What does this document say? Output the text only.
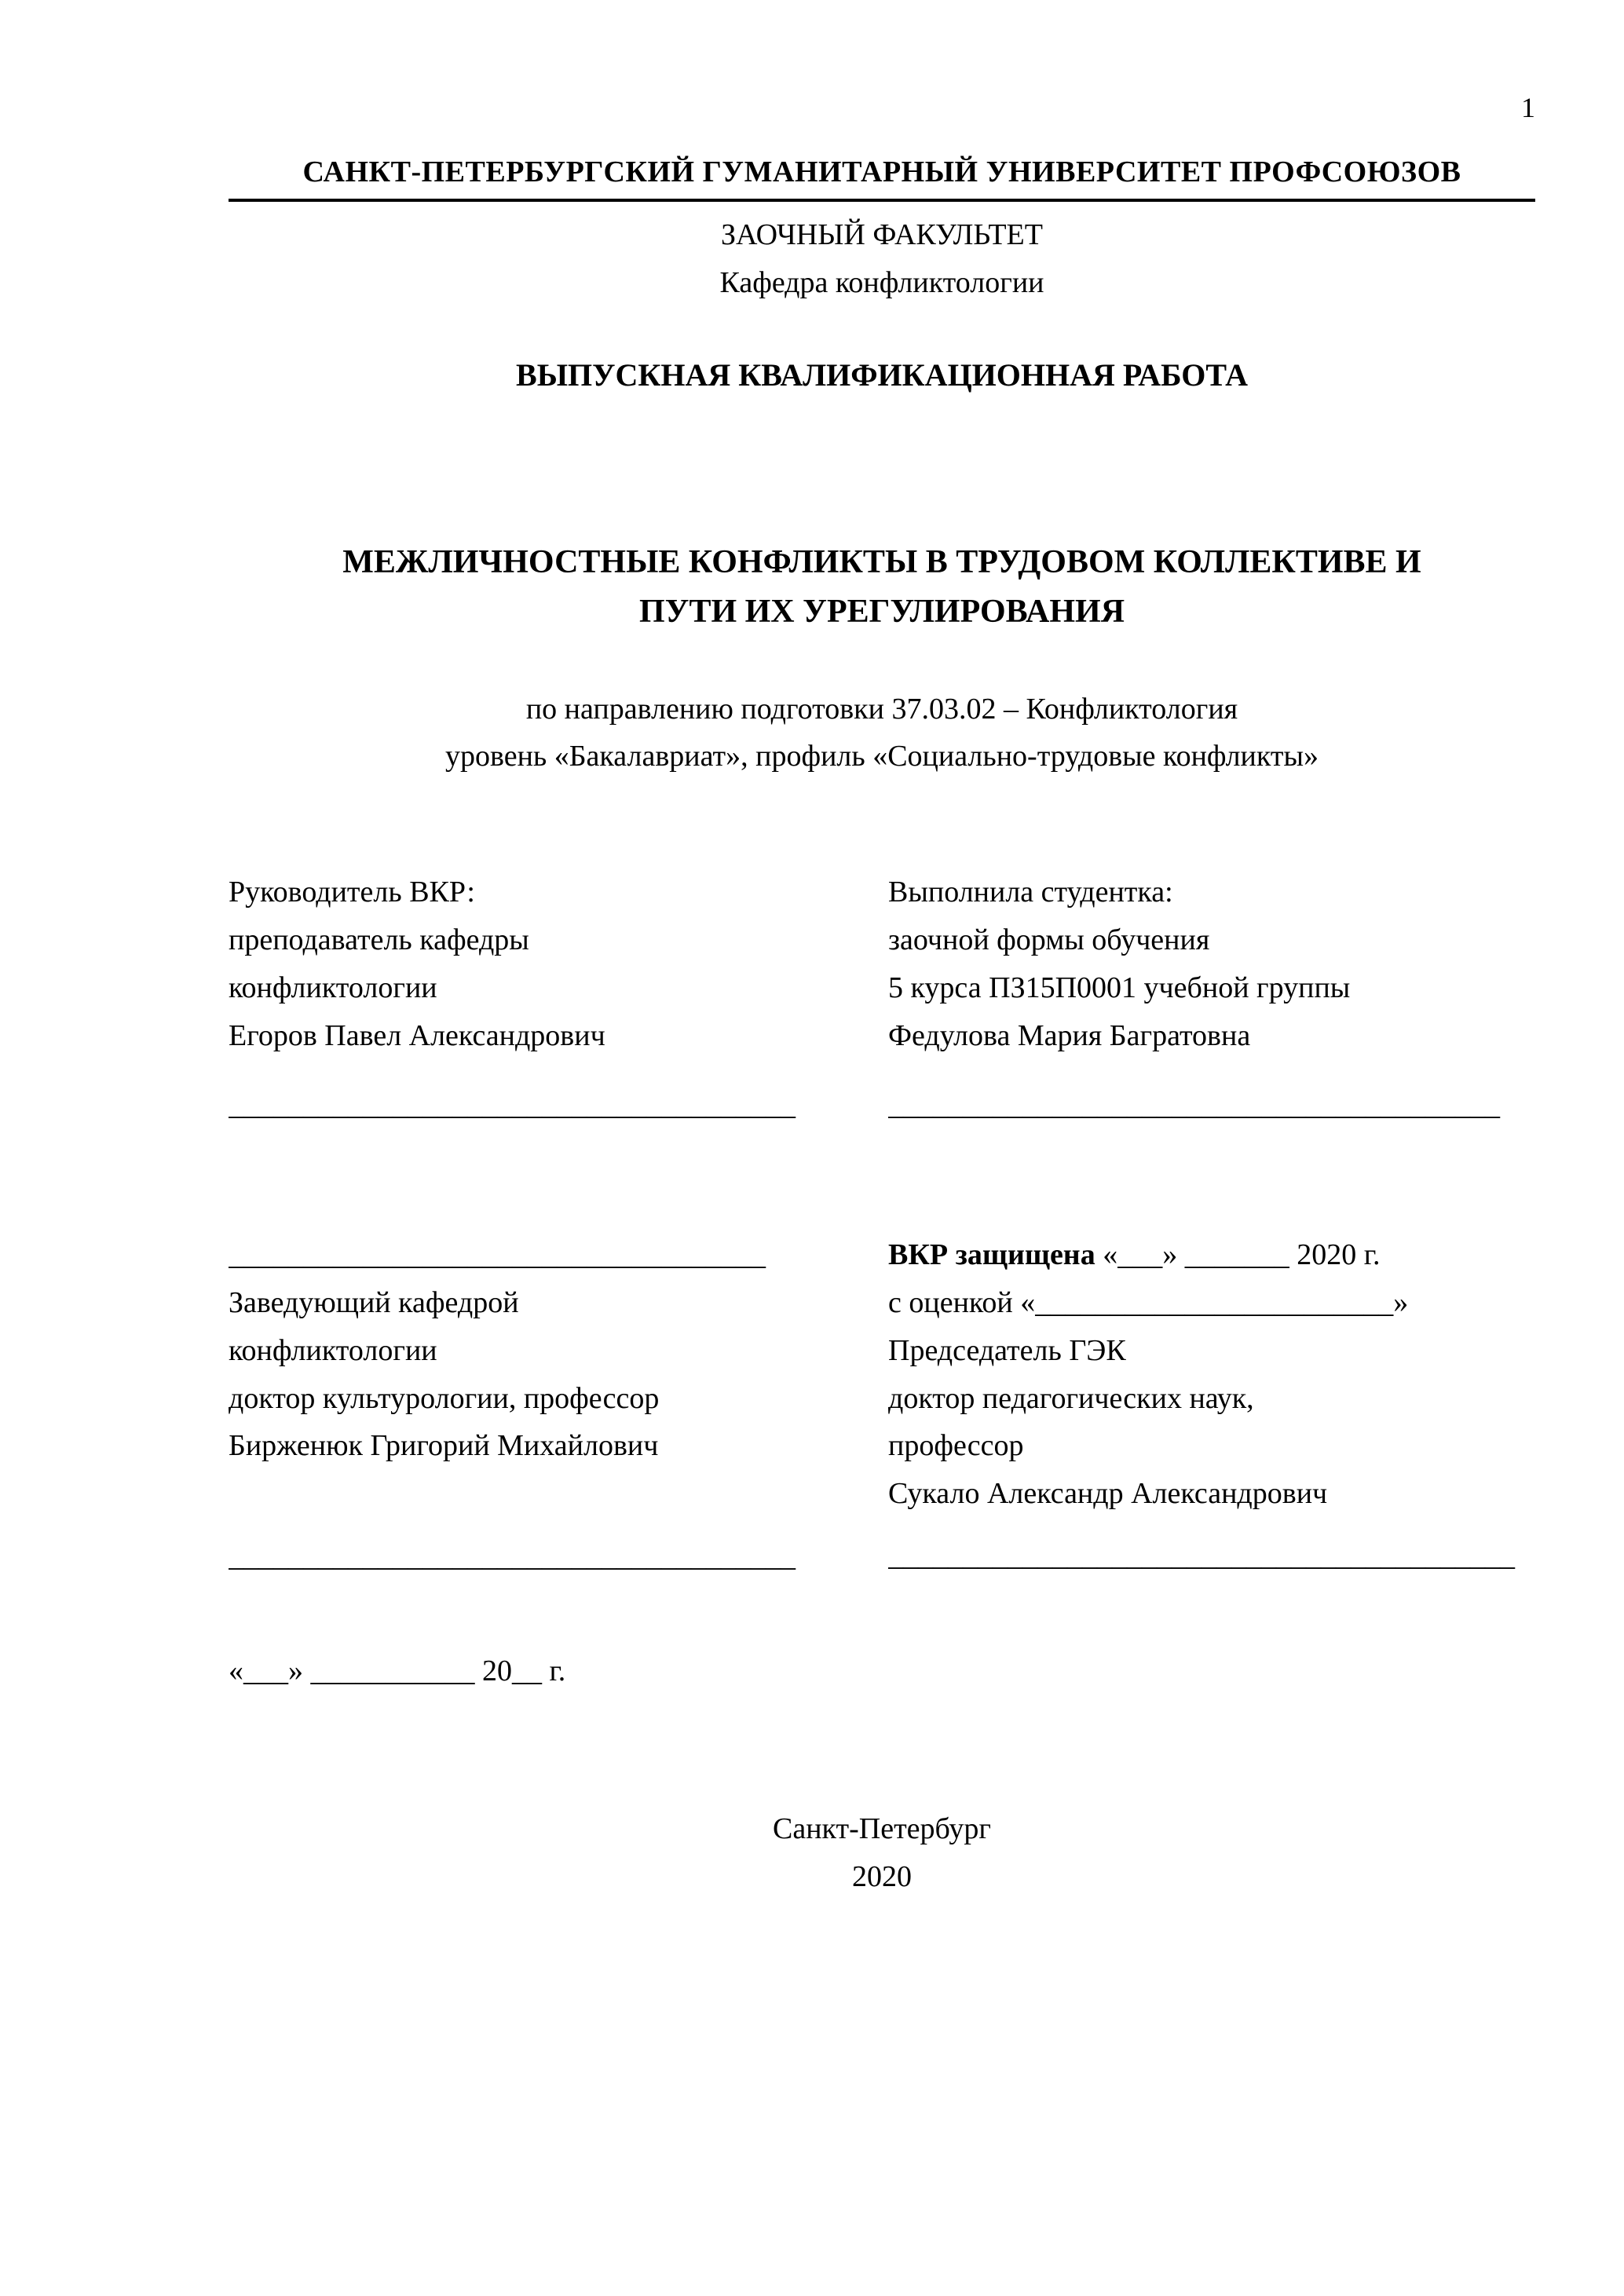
1
САНКТ-ПЕТЕРБУРГСКИЙ ГУМАНИТАРНЫЙ УНИВЕРСИТЕТ ПРОФСОЮЗОВ
ЗАОЧНЫЙ ФАКУЛЬТЕТ
Кафедра конфликтологии
ВЫПУСКНАЯ КВАЛИФИКАЦИОННАЯ РАБОТА
МЕЖЛИЧНОСТНЫЕ КОНФЛИКТЫ В ТРУДОВОМ КОЛЛЕКТИВЕ И
ПУТИ ИХ УРЕГУЛИРОВАНИЯ
по направлению подготовки 37.03.02 – Конфликтология
уровень «Бакалавриат», профиль «Социально-трудовые конфликты»
Руководитель ВКР:
преподаватель кафедры
конфликтологии
Егоров Павел Александрович
______________________________________
Выполнила студентка:
заочной формы обучения
5 курса ПЗ15П0001 учебной группы
Федулова Мария Багратовна
_________________________________________
____________________________________
Заведующий кафедрой
конфликтологии
доктор культурологии, профессор
Бирженюк Григорий Михайлович
______________________________________
ВКР защищена «___» _______ 2020 г.
с оценкой «________________________»
Председатель ГЭК
доктор педагогических наук,
профессор
Сукало Александр Александрович
__________________________________________
«___» ___________ 20__ г.
Санкт-Петербург
2020
